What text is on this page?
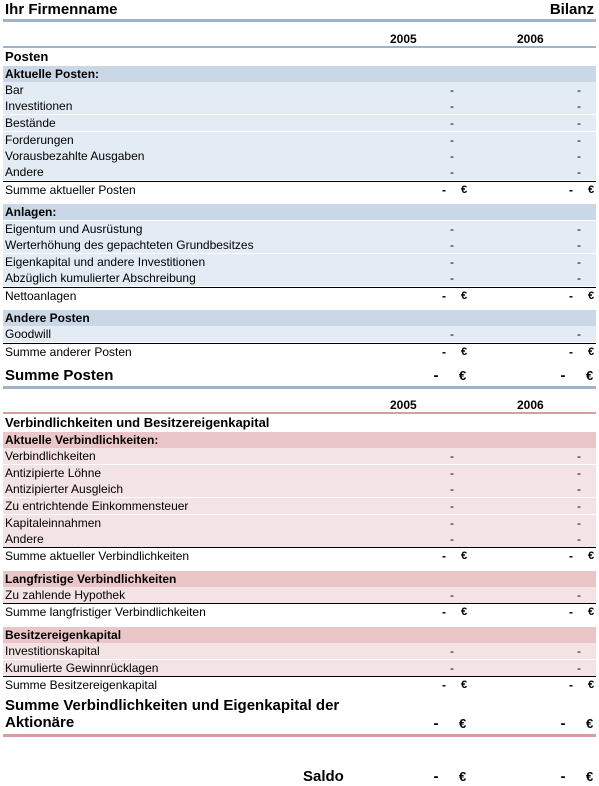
Ihr Firmenname	Bilanz
2005	2006
Posten
Aktuelle Posten:
Bar	-	-
Investitionen	-	-
Bestände	-	-
Forderungen	-	-
Vorausbezahlte Ausgaben	-	-
Andere	-	-
Summe aktueller Posten	- €	- €
Anlagen:
Eigentum und Ausrüstung	-	-
Werterhöhung des gepachteten Grundbesitzes	-	-
Eigenkapital und andere Investitionen	-	-
Abzüglich kumulierter Abschreibung	-	-
Nettoanlagen	- €	- €
Andere Posten
Goodwill	-	-
Summe anderer Posten	- €	- €
Summe Posten	- €	- €
2005	2006
Verbindlichkeiten und Besitzereigenkapital
Aktuelle Verbindlichkeiten:
Verbindlichkeiten	-	-
Antizipierte Löhne	-	-
Antizipierter Ausgleich	-	-
Zu entrichtende Einkommensteuer	-	-
Kapitaleinnahmen	-	-
Andere	-	-
Summe aktueller Verbindlichkeiten	- €	- €
Langfristige Verbindlichkeiten
Zu zahlende Hypothek	-	-
Summe langfristiger Verbindlichkeiten	- €	- €
Besitzereigenkapital
Investitionskapital	-	-
Kumulierte Gewinnrücklagen	-	-
Summe Besitzereigenkapital	- €	- €
Summe Verbindlichkeiten und Eigenkapital der
Aktionäre	- €	- €
Saldo	- €	- €
